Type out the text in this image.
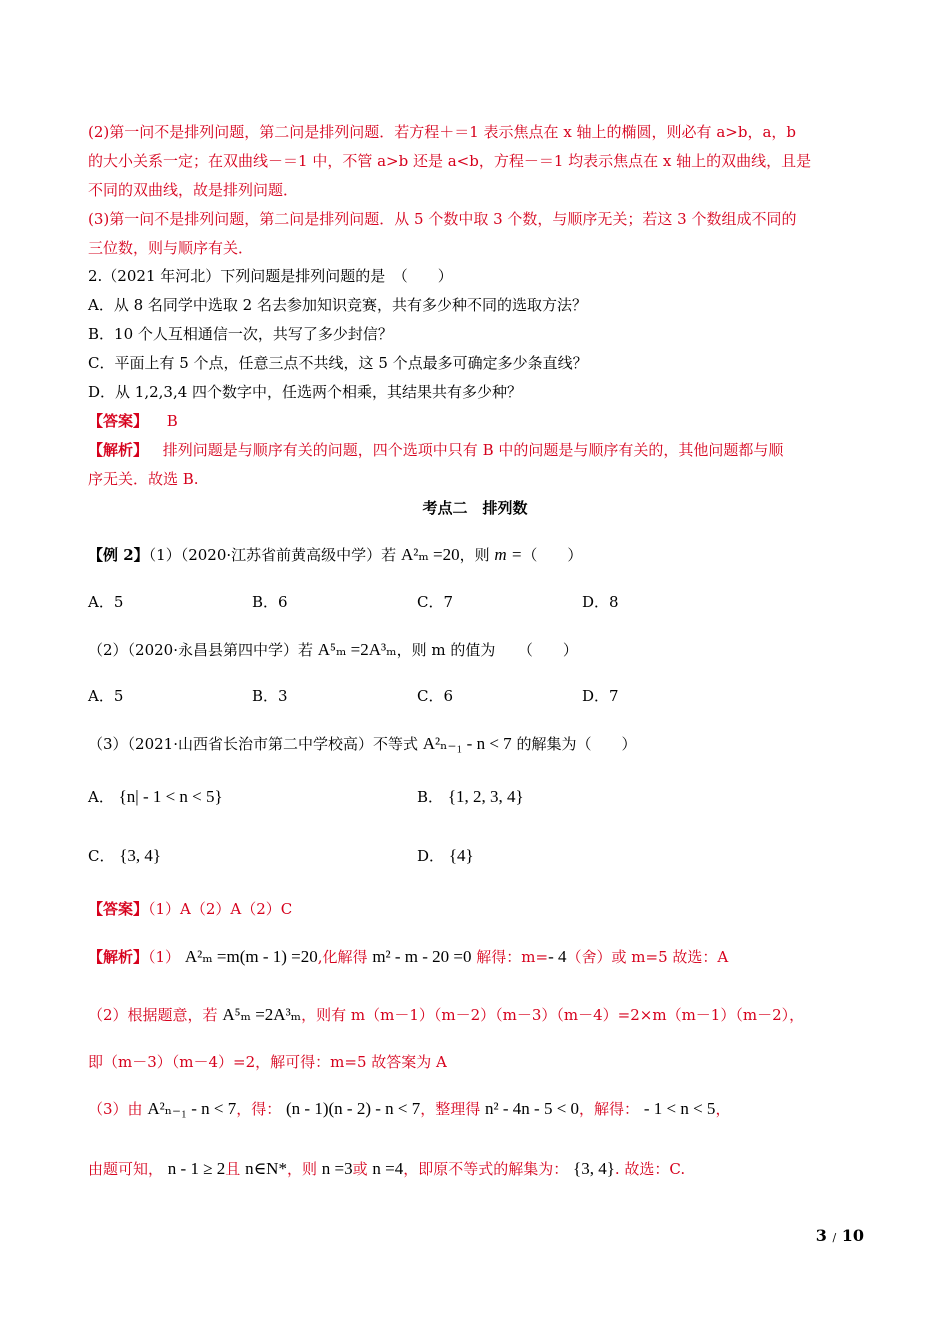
(2)第一问不是排列问题，第二问是排列问题．若方程＋＝1 表示焦点在 x 轴上的椭圆，则必有 a>b，a，b
的大小关系一定；在双曲线－＝1 中，不管 a>b 还是 a<b，方程－＝1 均表示焦点在 x 轴上的双曲线，且是
不同的双曲线，故是排列问题．
(3)第一问不是排列问题，第二问是排列问题．从 5 个数中取 3 个数，与顺序无关；若这 3 个数组成不同的
三位数，则与顺序有关．
2.（2021 年河北）下列问题是排列问题的是　（　　）
A．从 8 名同学中选取 2 名去参加知识竞赛，共有多少种不同的选取方法？
B．10 个人互相通信一次，共写了多少封信？
C．平面上有 5 个点，任意三点不共线，这 5 个点最多可确定多少条直线？
D．从 1,2,3,4 四个数字中，任选两个相乘，其结果共有多少种？
【答案】 B
【解析】 排列问题是与顺序有关的问题，四个选项中只有 B 中的问题是与顺序有关的，其他问题都与顺
序无关．故选 B.
考点二　排列数
【例 2】（1）（2020·江苏省前黄高级中学）若 A²ₘ =20，则 m =（　　）
A．5	B．6	C．7	D．8
（2）（2020·永昌县第四中学）若 A⁵ₘ =2A³ₘ，则 m 的值为　　（　　）
A．5	B．3	C．6	D．7
（3）（2021·山西省长治市第二中学校高）不等式 A²ₙ₋₁ - n < 7 的解集为（　　）
A． {n| - 1 < n < 5}	B． {1, 2, 3, 4}
C． {3, 4}	D． {4}
【答案】（1）A（2）A（2）C
【解析】（1） A²ₘ =m(m - 1) =20,化解得 m² - m - 20 =0 解得：m=- 4（舍）或 m=5 故选：A
（2）根据题意，若 A⁵ₘ =2A³ₘ，则有 m（m－1）（m－2）（m－3）（m－4）=2×m（m－1）（m－2），
即（m－3）（m－4）=2，解可得：m=5 故答案为 A
（3）由 A²ₙ₋₁ - n < 7，得： (n - 1)(n - 2) - n < 7，整理得 n² - 4n - 5 < 0，解得： - 1 < n < 5，
由题可知， n - 1 ≥ 2且 n∈N*，则 n =3或 n =4，即原不等式的解集为： {3, 4}. 故选：C.
3 / 10
